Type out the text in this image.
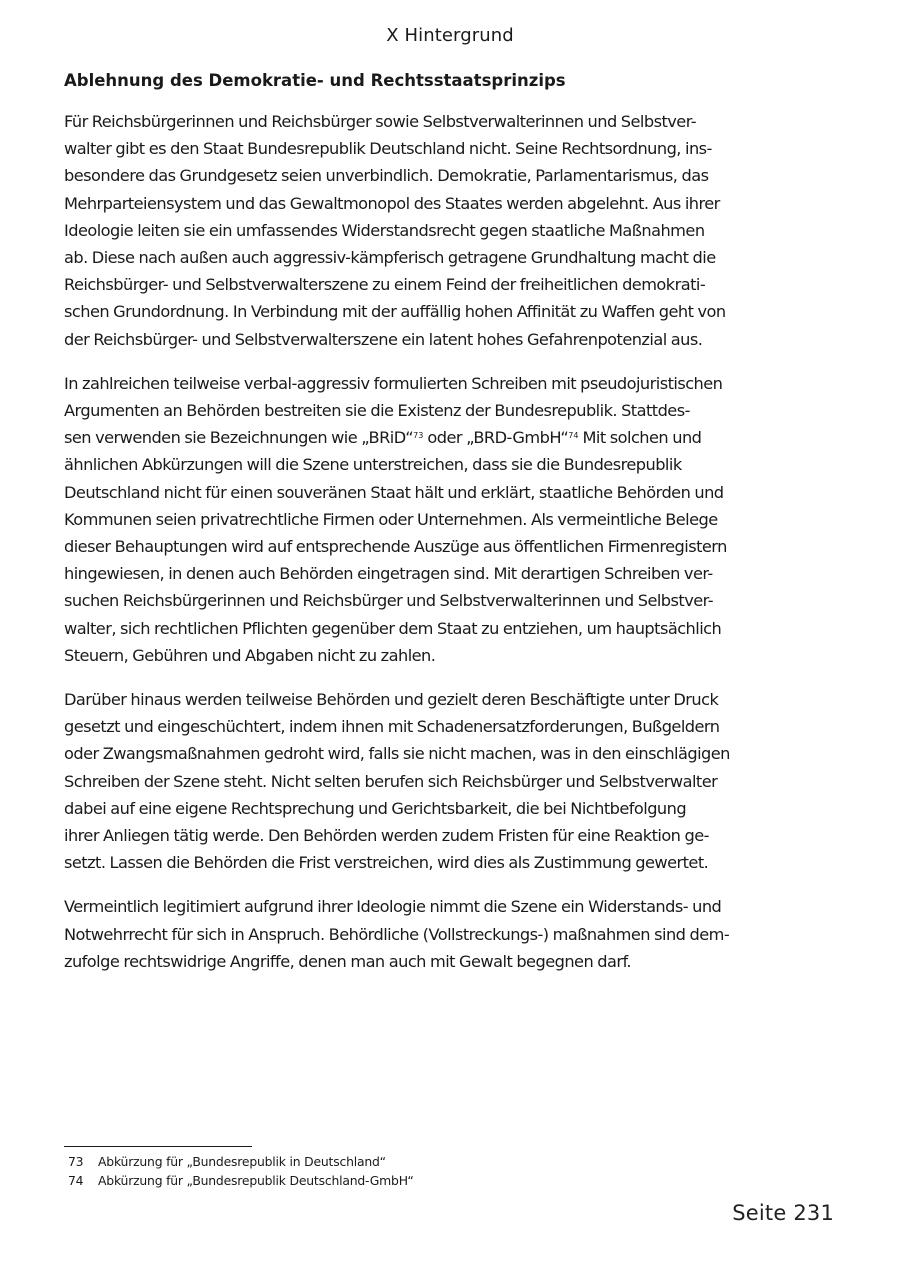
X Hintergrund
Ablehnung des Demokratie- und Rechtsstaatsprinzips

Für Reichsbürgerinnen und Reichsbürger sowie Selbstverwalterinnen und Selbstver-
walter gibt es den Staat Bundesrepublik Deutschland nicht. Seine Rechtsordnung, ins-
besondere das Grundgesetz seien unverbindlich. Demokratie, Parlamentarismus, das
Mehrparteiensystem und das Gewaltmonopol des Staates werden abgelehnt. Aus ihrer
Ideologie leiten sie ein umfassendes Widerstandsrecht gegen staatliche Maßnahmen
ab. Diese nach außen auch aggressiv-kämpferisch getragene Grundhaltung macht die
Reichsbürger- und Selbstverwalterszene zu einem Feind der freiheitlichen demokrati-
schen Grundordnung. In Verbindung mit der auffällig hohen Affinität zu Waffen geht von
der Reichsbürger- und Selbstverwalterszene ein latent hohes Gefahrenpotenzial aus.

In zahlreichen teilweise verbal-aggressiv formulierten Schreiben mit pseudojuristischen
Argumenten an Behörden bestreiten sie die Existenz der Bundesrepublik. Stattdes-
sen verwenden sie Bezeichnungen wie „BRiD“$^{73}$ oder „BRD-GmbH“$^{74}$ Mit solchen und
ähnlichen Abkürzungen will die Szene unterstreichen, dass sie die Bundesrepublik
Deutschland nicht für einen souveränen Staat hält und erklärt, staatliche Behörden und
Kommunen seien privatrechtliche Firmen oder Unternehmen. Als vermeintliche Belege
dieser Behauptungen wird auf entsprechende Auszüge aus öffentlichen Firmenregistern
hingewiesen, in denen auch Behörden eingetragen sind. Mit derartigen Schreiben ver-
suchen Reichsbürgerinnen und Reichsbürger und Selbstverwalterinnen und Selbstver-
walter, sich rechtlichen Pflichten gegenüber dem Staat zu entziehen, um hauptsächlich
Steuern, Gebühren und Abgaben nicht zu zahlen.

Darüber hinaus werden teilweise Behörden und gezielt deren Beschäftigte unter Druck
gesetzt und eingeschüchtert, indem ihnen mit Schadenersatzforderungen, Bußgeldern
oder Zwangsmaßnahmen gedroht wird, falls sie nicht machen, was in den einschlägigen
Schreiben der Szene steht. Nicht selten berufen sich Reichsbürger und Selbstverwalter
dabei auf eine eigene Rechtsprechung und Gerichtsbarkeit, die bei Nichtbefolgung
ihrer Anliegen tätig werde. Den Behörden werden zudem Fristen für eine Reaktion ge-
setzt. Lassen die Behörden die Frist verstreichen, wird dies als Zustimmung gewertet.

Vermeintlich legitimiert aufgrund ihrer Ideologie nimmt die Szene ein Widerstands- und
Notwehrrecht für sich in Anspruch. Behördliche (Vollstreckungs-) maßnahmen sind dem-
zufolge rechtswidrige Angriffe, denen man auch mit Gewalt begegnen darf.

73 Abkürzung für „Bundesrepublik in Deutschland“
74 Abkürzung für „Bundesrepublik Deutschland-GmbH“
Seite 231
